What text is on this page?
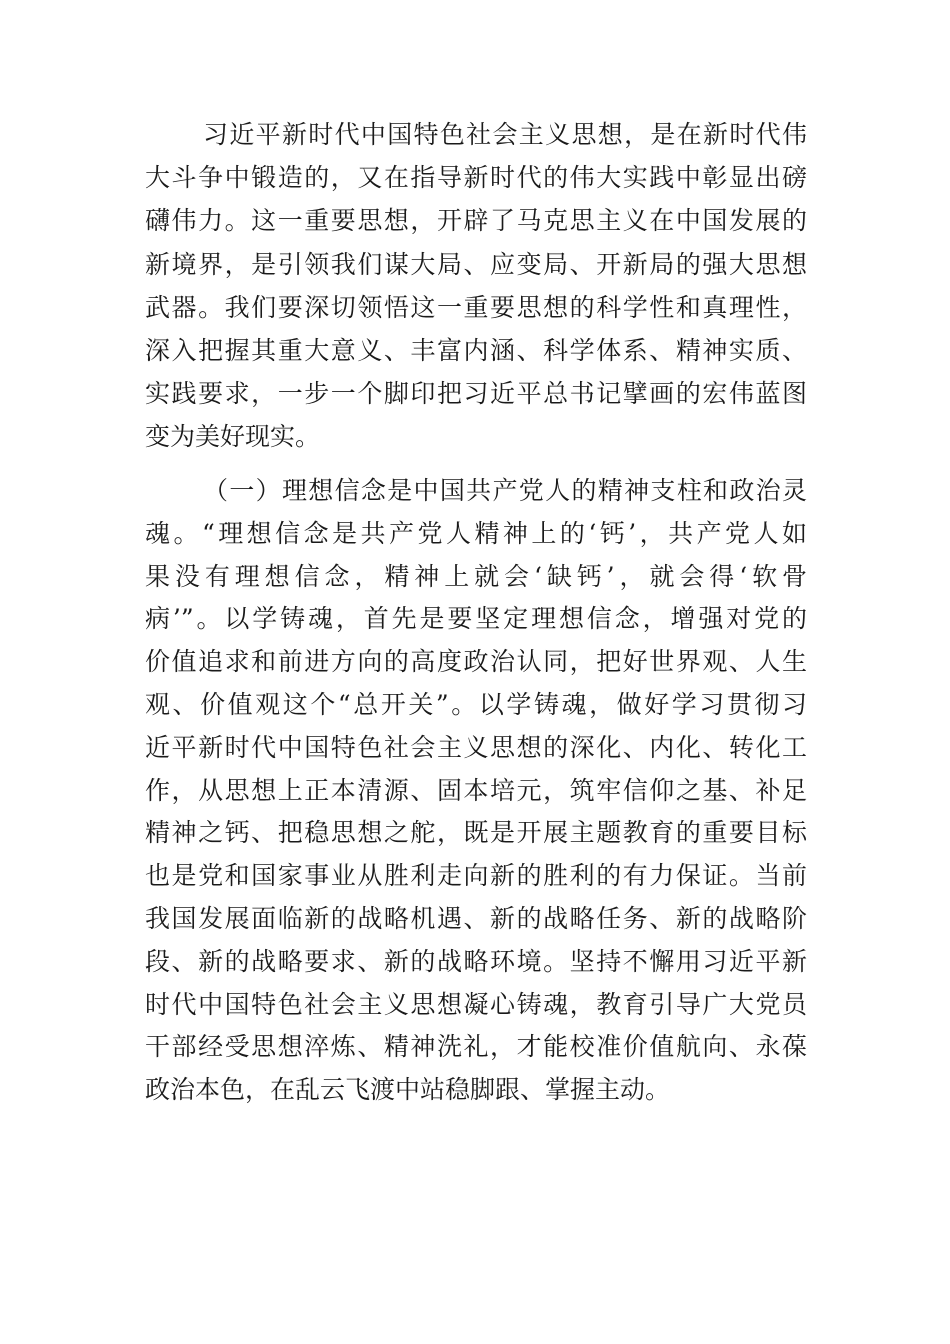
习近平新时代中国特色社会主义思想，是在新时代伟
大斗争中锻造的，又在指导新时代的伟大实践中彰显出磅
礴伟力。这一重要思想，开辟了马克思主义在中国发展的
新境界，是引领我们谋大局、应变局、开新局的强大思想
武器。我们要深切领悟这一重要思想的科学性和真理性，
深入把握其重大意义、丰富内涵、科学体系、精神实质、
实践要求，一步一个脚印把习近平总书记擘画的宏伟蓝图
变为美好现实。
（一）理想信念是中国共产党人的精神支柱和政治灵
魂。“理想信念是共产党人精神上的‘钙’，共产党人如
果没有理想信念，精神上就会‘缺钙’，就会得‘软骨
病’”。以学铸魂，首先是要坚定理想信念，增强对党的
价值追求和前进方向的高度政治认同，把好世界观、人生
观、价值观这个“总开关”。以学铸魂，做好学习贯彻习
近平新时代中国特色社会主义思想的深化、内化、转化工
作，从思想上正本清源、固本培元，筑牢信仰之基、补足
精神之钙、把稳思想之舵，既是开展主题教育的重要目标
也是党和国家事业从胜利走向新的胜利的有力保证。当前
我国发展面临新的战略机遇、新的战略任务、新的战略阶
段、新的战略要求、新的战略环境。坚持不懈用习近平新
时代中国特色社会主义思想凝心铸魂，教育引导广大党员
干部经受思想淬炼、精神洗礼，才能校准价值航向、永葆
政治本色，在乱云飞渡中站稳脚跟、掌握主动。
